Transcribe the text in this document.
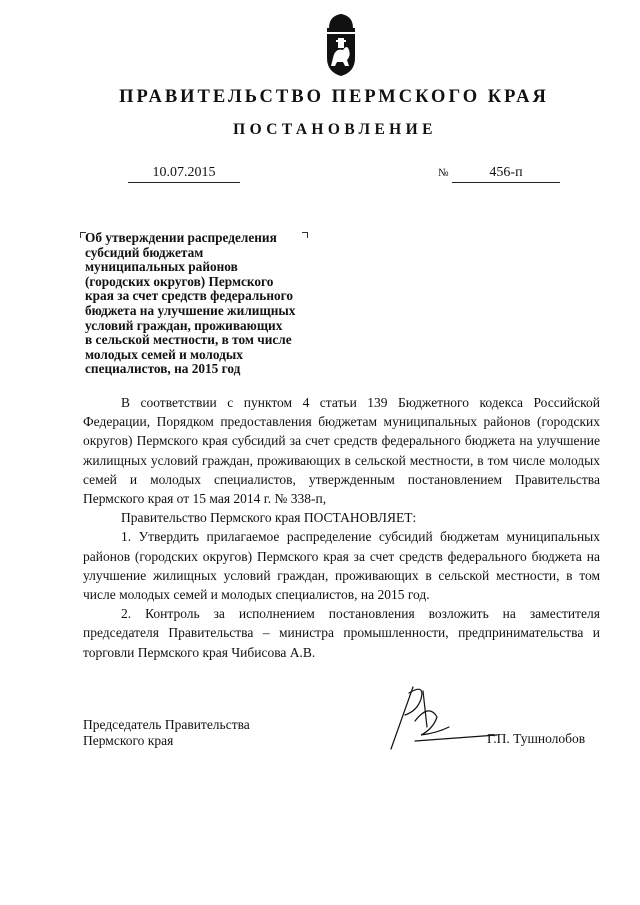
ПРАВИТЕЛЬСТВО ПЕРМСКОГО КРАЯ
ПОСТАНОВЛЕНИЕ
10.07.2015	№	456-п
Об утверждении распределения
субсидий бюджетам
муниципальных районов
(городских округов) Пермского
края за счет средств федерального
бюджета на улучшение жилищных
условий граждан, проживающих
в сельской местности, в том числе
молодых семей и молодых
специалистов, на 2015 год

В соответствии с пунктом 4 статьи 139 Бюджетного кодекса Российской Федерации, Порядком предоставления бюджетам муниципальных районов (городских округов) Пермского края субсидий за счет средств федерального бюджета на улучшение жилищных условий граждан, проживающих в сельской местности, в том числе молодых семей и молодых специалистов, утвержденным постановлением Правительства Пермского края от 15 мая 2014 г. № 338-п,

Правительство Пермского края ПОСТАНОВЛЯЕТ:

1. Утвердить прилагаемое распределение субсидий бюджетам муниципальных районов (городских округов) Пермского края за счет средств федерального бюджета на улучшение жилищных условий граждан, проживающих в сельской местности, в том числе молодых семей и молодых специалистов, на 2015 год.

2. Контроль за исполнением постановления возложить на заместителя председателя Правительства – министра промышленности, предпринимательства и торговли Пермского края Чибисова А.В.

Председатель Правительства
Пермского края	Г.П. Тушнолобов
